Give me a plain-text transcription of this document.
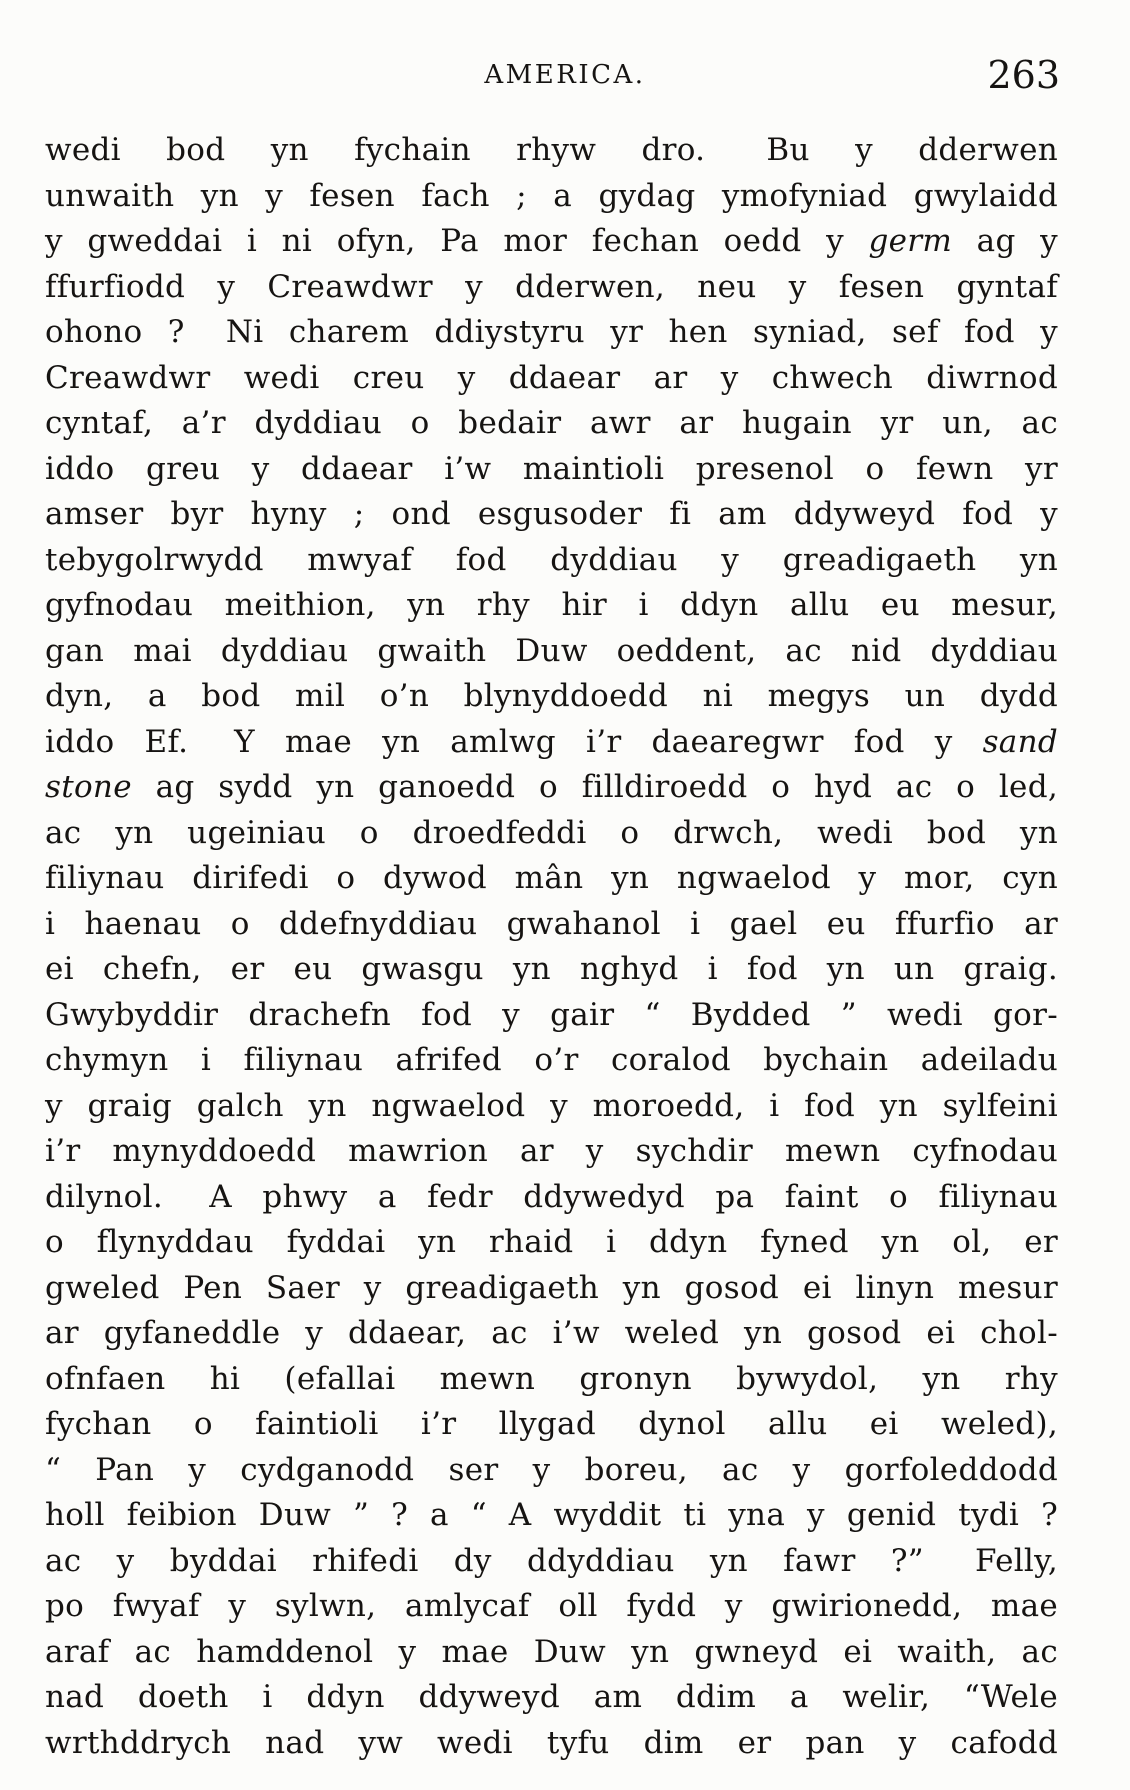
AMERICA.	263
wedi bod yn fychain rhyw dro.  Bu y dderwen
unwaith yn y fesen fach ; a gydag ymofyniad gwylaidd
y gweddai i ni ofyn, Pa mor fechan oedd y germ ag y
ffurfiodd y Creawdwr y dderwen, neu y fesen gyntaf
ohono ?  Ni charem ddiystyru yr hen syniad, sef fod y
Creawdwr wedi creu y ddaear ar y chwech diwrnod
cyntaf, a’r dyddiau o bedair awr ar hugain yr un, ac
iddo greu y ddaear i’w maintioli presenol o fewn yr
amser byr hyny ; ond esgusoder fi am ddyweyd fod y
tebygolrwydd mwyaf fod dyddiau y greadigaeth yn
gyfnodau meithion, yn rhy hir i ddyn allu eu mesur,
gan mai dyddiau gwaith Duw oeddent, ac nid dyddiau
dyn, a bod mil o’n blynyddoedd ni megys un dydd
iddo Ef.  Y mae yn amlwg i’r daearegwr fod y sand
stone ag sydd yn ganoedd o filldiroedd o hyd ac o led,
ac yn ugeiniau o droedfeddi o drwch, wedi bod yn
filiynau dirifedi o dywod mân yn ngwaelod y mor, cyn
i haenau o ddefnyddiau gwahanol i gael eu ffurfio ar
ei chefn, er eu gwasgu yn nghyd i fod yn un graig.
Gwybyddir drachefn fod y gair “ Bydded ” wedi gor-
chymyn i filiynau afrifed o’r coralod bychain adeiladu
y graig galch yn ngwaelod y moroedd, i fod yn sylfeini
i’r mynyddoedd mawrion ar y sychdir mewn cyfnodau
dilynol.  A phwy a fedr ddywedyd pa faint o filiynau
o flynyddau fyddai yn rhaid i ddyn fyned yn ol, er
gweled Pen Saer y greadigaeth yn gosod ei linyn mesur
ar gyfaneddle y ddaear, ac i’w weled yn gosod ei chol-
ofnfaen hi (efallai mewn gronyn bywydol, yn rhy
fychan o faintioli i’r llygad dynol allu ei weled),
“ Pan y cydganodd ser y boreu, ac y gorfoleddodd
holl feibion Duw ” ? a “ A wyddit ti yna y genid tydi ?
ac y byddai rhifedi dy ddyddiau yn fawr ?”  Felly,
po fwyaf y sylwn, amlycaf oll fydd y gwirionedd, mae
araf ac hamddenol y mae Duw yn gwneyd ei waith, ac
nad doeth i ddyn ddyweyd am ddim a welir, “Wele
wrthddrych nad yw wedi tyfu dim er pan y cafodd
